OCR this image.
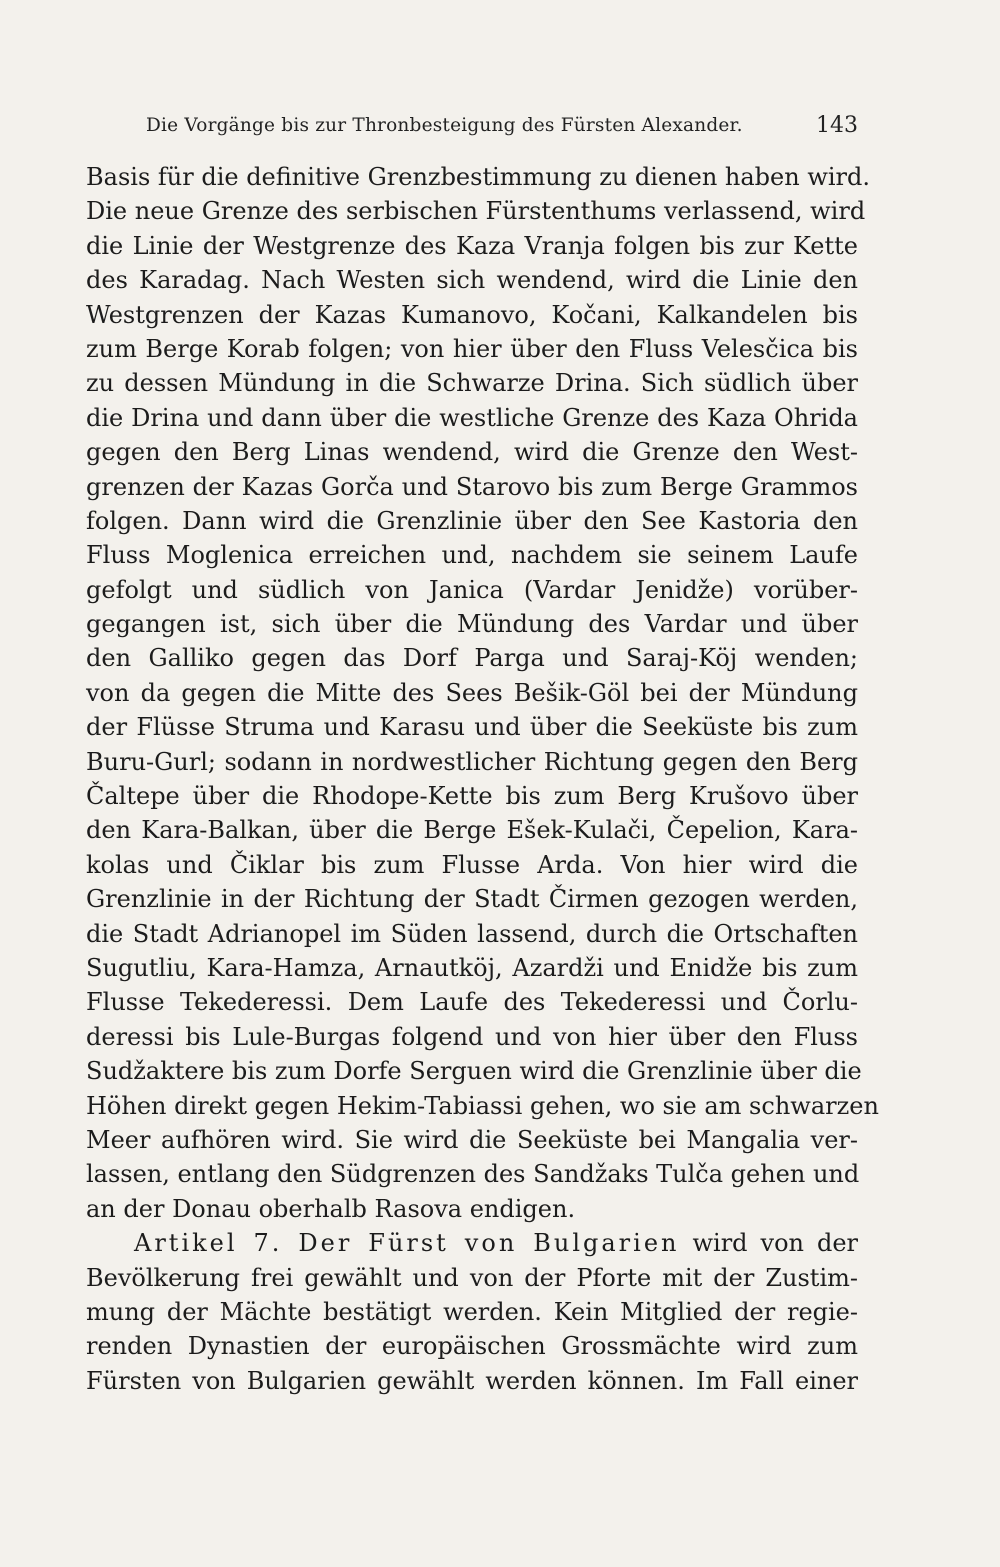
Die Vorgänge bis zur Thronbesteigung des Fürsten Alexander.	143
Basis für die definitive Grenzbestimmung zu dienen haben wird.
Die neue Grenze des serbischen Fürstenthums verlassend, wird
die Linie der Westgrenze des Kaza Vranja folgen bis zur Kette
des Karadag. Nach Westen sich wendend, wird die Linie den
Westgrenzen der Kazas Kumanovo, Kočani, Kalkandelen bis
zum Berge Korab folgen; von hier über den Fluss Velesčica bis
zu dessen Mündung in die Schwarze Drina. Sich südlich über
die Drina und dann über die westliche Grenze des Kaza Ohrida
gegen den Berg Linas wendend, wird die Grenze den West-
grenzen der Kazas Gorča und Starovo bis zum Berge Grammos
folgen. Dann wird die Grenzlinie über den See Kastoria den
Fluss Moglenica erreichen und, nachdem sie seinem Laufe
gefolgt und südlich von Janica (Vardar Jenidže) vorüber-
gegangen ist, sich über die Mündung des Vardar und über
den Galliko gegen das Dorf Parga und Saraj-Köj wenden;
von da gegen die Mitte des Sees Bešik-Göl bei der Mündung
der Flüsse Struma und Karasu und über die Seeküste bis zum
Buru-Gurl; sodann in nordwestlicher Richtung gegen den Berg
Čaltepe über die Rhodope-Kette bis zum Berg Krušovo über
den Kara-Balkan, über die Berge Ešek-Kulači, Čepelion, Kara-
kolas und Čiklar bis zum Flusse Arda. Von hier wird die
Grenzlinie in der Richtung der Stadt Čirmen gezogen werden,
die Stadt Adrianopel im Süden lassend, durch die Ortschaften
Sugutliu, Kara-Hamza, Arnautköj, Azardži und Enidže bis zum
Flusse Tekederessi. Dem Laufe des Tekederessi und Čorlu-
deressi bis Lule-Burgas folgend und von hier über den Fluss
Sudžaktere bis zum Dorfe Serguen wird die Grenzlinie über die
Höhen direkt gegen Hekim-Tabiassi gehen, wo sie am schwarzen
Meer aufhören wird. Sie wird die Seeküste bei Mangalia ver-
lassen, entlang den Südgrenzen des Sandžaks Tulča gehen und
an der Donau oberhalb Rasova endigen.
Artikel 7. Der Fürst von Bulgarien wird von der
Bevölkerung frei gewählt und von der Pforte mit der Zustim-
mung der Mächte bestätigt werden. Kein Mitglied der regie-
renden Dynastien der europäischen Grossmächte wird zum
Fürsten von Bulgarien gewählt werden können. Im Fall einer
